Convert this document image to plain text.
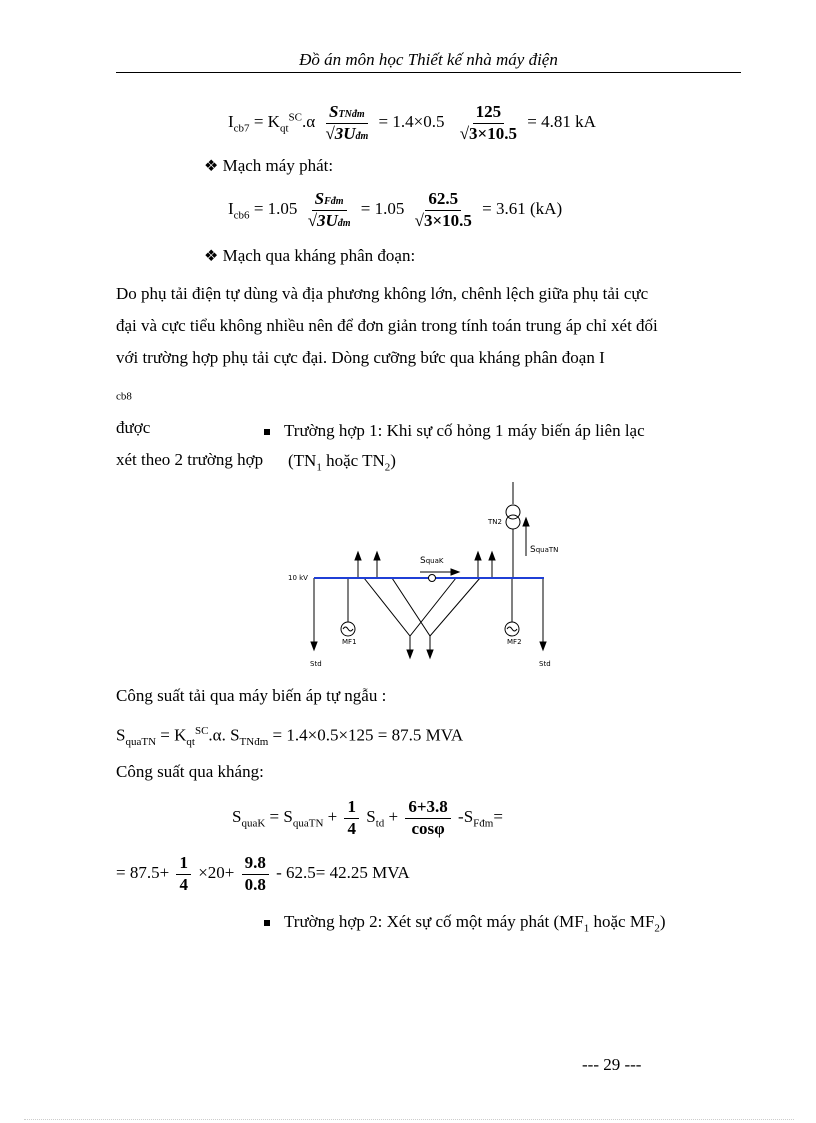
Đồ án môn học Thiết kế nhà máy điện
$I_{cb7} = K_{qt}^{SC}.\alpha \frac{\text{STNđm}}{\text{√3Uđm}} = 1.4\times 0.5 \frac{125}{√3\times 10.5} = 4.81$ kA
❖ Mạch máy phát:
$I_{cb6} = 1.05 \frac{\text{SFđm}}{\text{√3Uđm}} = 1.05 \frac{62.5}{√3\times 10.5} = 3.61$ (kA)
❖ Mạch qua kháng phân đoạn:
Do phụ tải điện tự dùng và địa phương không lớn, chênh lệch giữa phụ tải cực
đại và cực tiểu không nhiều nên để đơn giản trong tính toán trung áp chỉ xét đối
với trường hợp phụ tải cực đại. Dòng cưỡng bức qua kháng phân đoạn I
$_{cb8}$
được
xét theo 2 trường hợp
Trường hợp 1: Khi sự cố hỏng 1 máy biến áp liên lạc
($TN_1$ hoặc $TN_2$)
10 kV
TN2
SquaK
SquaTN
MF1	MF2
Std	Std
Công suất tải qua máy biến áp tự ngẫu :
$S_{quaTN} = K_{qt}^{SC}.\alpha$. $S_{TNđm} = 1.4\times 0.5\times 125 = 87.5$ MVA
Công suất qua kháng:
$S_{quaK} = S_{quaTN} + \frac{1}{4} S_{td} + \frac{6+3.8}{\cos\varphi} -S_{Fđm}=$
= $87.5+ \frac{1}{4} \times 20+ \frac{9.8}{0.8} - 62.5= 42.25$ MVA
Trường hợp 2: Xét sự cố một máy phát ($MF_1$ hoặc $MF_2$)
--- 29 ---
